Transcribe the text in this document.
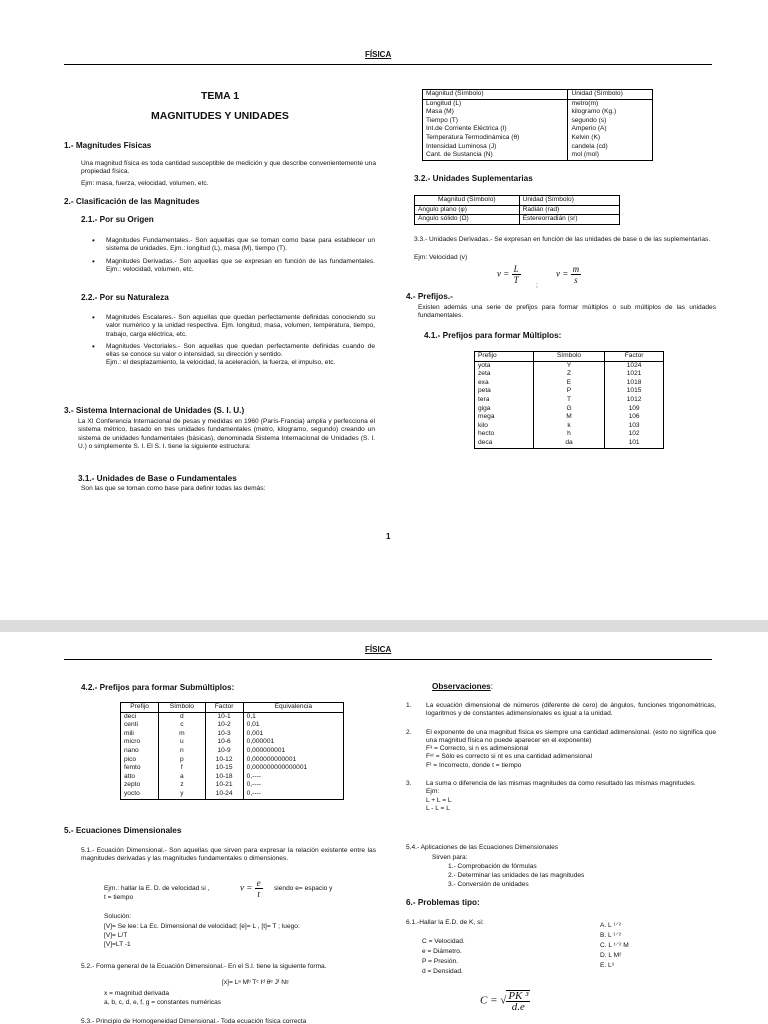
FÍSICA
TEMA 1
MAGNITUDES Y UNIDADES
1.- Magnitudes Físicas
Una magnitud física es toda cantidad susceptible de medición y que describe convenientemente una propiedad física.
Ejm: masa, fuerza, velocidad, volumen, etc.
2.- Clasificación de las Magnitudes
2.1.- Por su Origen
• Magnitudes Fundamentales.- Son aquellas que se toman como base para establecer un sistema de unidades. Ejm.: longitud (L), masa (M), tiempo (T).
• Magnitudes Derivadas.- Son aquellas que se expresan en función de las fundamentales. Ejm.: velocidad, volumen, etc.
2.2.- Por su Naturaleza
• Magnitudes Escalares.- Son aquellas que quedan perfectamente definidas conociendo su valor numérico y la unidad respectiva. Ejm. longitud, masa, volumen, temperatura, tiempo, trabajo, carga eléctrica, etc.
• Magnitudes Vectoriales.- Son aquellas que quedan perfectamente definidas cuando de ellas se conoce su valor o intensidad, su dirección y sentido.
Ejm.: el desplazamiento, la velocidad, la aceleración, la fuerza, el impulso, etc.
3.- Sistema Internacional de Unidades (S. I. U.)
La XI Conferencia Internacional de pesas y medidas en 1960 (París-Francia) amplia y perfecciona el sistema métrico, basado en tres unidades fundamentales (metro, kilogramo, segundo) creando un sistema de unidades fundamentales (básicas), denominada Sistema Internacional de Unidades (S. I. U.) o simplemente S. I. El S. I. tiene la siguiente estructura:
3.1.- Unidades de Base o Fundamentales
Son las que se toman como base para definir todas las demás:
Magnitud (Símbolo)	Unidad (Símbolo)
Longitud (L)	metro(m)
Masa (M)	kilogramo (Kg.)
Tiempo (T)	segundo (s)
Int.de Corriente Eléctrica (I)	Amperio (A)
Temperatura Termodinámica (θ)	Kelvin (K)
Intensidad Luminosa (J)	candela (cd)
Cant. de Sustancia (N)	mol (mol)
3.2.- Unidades Suplementarias
Magnitud (Símbolo)	Unidad (Símbolo)
Angulo plano (φ)	Radián (rad)
Angulo sólido (Ω)	Estereorradián (sr)
3.3.- Unidades Derivadas.- Se expresan en función de las unidades de base o de las suplementarias.
Ejm: Velocidad (v)
$v = \frac{L}{T}$
;
$v = \frac{m}{s}$
4.- Prefijos.-
Existen además una serie de prefijos para formar múltiplos o sub múltiplos de las unidades fundamentales.
4.1.- Prefijos para formar Múltiplos:
Prefijo	Símbolo	Factor
yota	Y	1024
zeta	Z	1021
exa	E	1018
peta	P	1015
tera	T	1012
giga	G	109
mega	M	106
kilo	k	103
hecto	h	102
deca	da	101
1
FÍSICA
4.2.- Prefijos para formar Submúltiplos:
Prefijo	Símbolo	Factor	Equivalencia
deci	d	10-1	0,1
centi	c	10-2	0,01
mili	m	10-3	0,001
micro	u	10-6	0,000001
nano	n	10-9	0,000000001
pico	p	10-12	0,000000000001
femto	f	10-15	0,000000000000001
atto	a	10-18	0,----
zepto	z	10-21	0,----
yocto	y	10-24	0,----
5.- Ecuaciones Dimensionales
5.1.- Ecuación Dimensional.- Son aquellas que sirven para expresar la relación existente entre las magnitudes derivadas y las magnitudes fundamentales o dimensiones.
Ejm.: hallar la E. D. de velocidad si ,	$v = \frac{e}{t}$ siendo e= espacio y
t = tiempo
Solución:
[V]= Se lee: La Ec. Dimensional de velocidad; [e]= L , [t]= T ; luego:
[V]= L/T
[V]=LT -1
5.2.- Forma general de la Ecuación Dimensional.- En el S.I. tiene la siguiente forma.
[x]= Lᵃ Mᵇ Tᶜ Iᵈ θᵉ Jᶠ Nᵍ
x = magnitud derivada
a, b, c, d, e, f, g = constantes numéricas
5.3.- Principio de Homogeneidad Dimensional.- Toda ecuación física correcta
Observaciones:
1. La ecuación dimensional de números (diferente de cero) de ángulos, funciones trigonométricas, logaritmos y de constantes adimensionales es igual a la unidad.
2. El exponente de una magnitud física es siempre una cantidad adimensional. (esto no significa que una magnitud física no puede aparecer en el exponente)
F³ = Correcto, si n es adimensional
Fⁿᵗ = Sólo es correcto si nt es una cantidad adimensional
Fᵗ = Incorrecto, donde t = tiempo
3. La suma o diferencia de las mismas magnitudes da como resultado las mismas magnitudes.
Ejm:
L + L = L
L - L = L
5.4.- Aplicaciones de las Ecuaciones Dimensionales
Sirven para:
1.- Comprobación de fórmulas
2.- Determinar las unidades de las magnitudes
3.- Conversión de unidades
6.- Problemas tipo:
6.1.-Hallar la E.D. de K, si:
C = Velocidad.
e = Diámetro.
P = Presión.
d = Densidad.
A. L ¹⸍²
B. L ¹⸍²
C. L ¹⸍² M
D. L M²
E. L³
C = √ $\frac{\text{PK ³}}{d.e}$
